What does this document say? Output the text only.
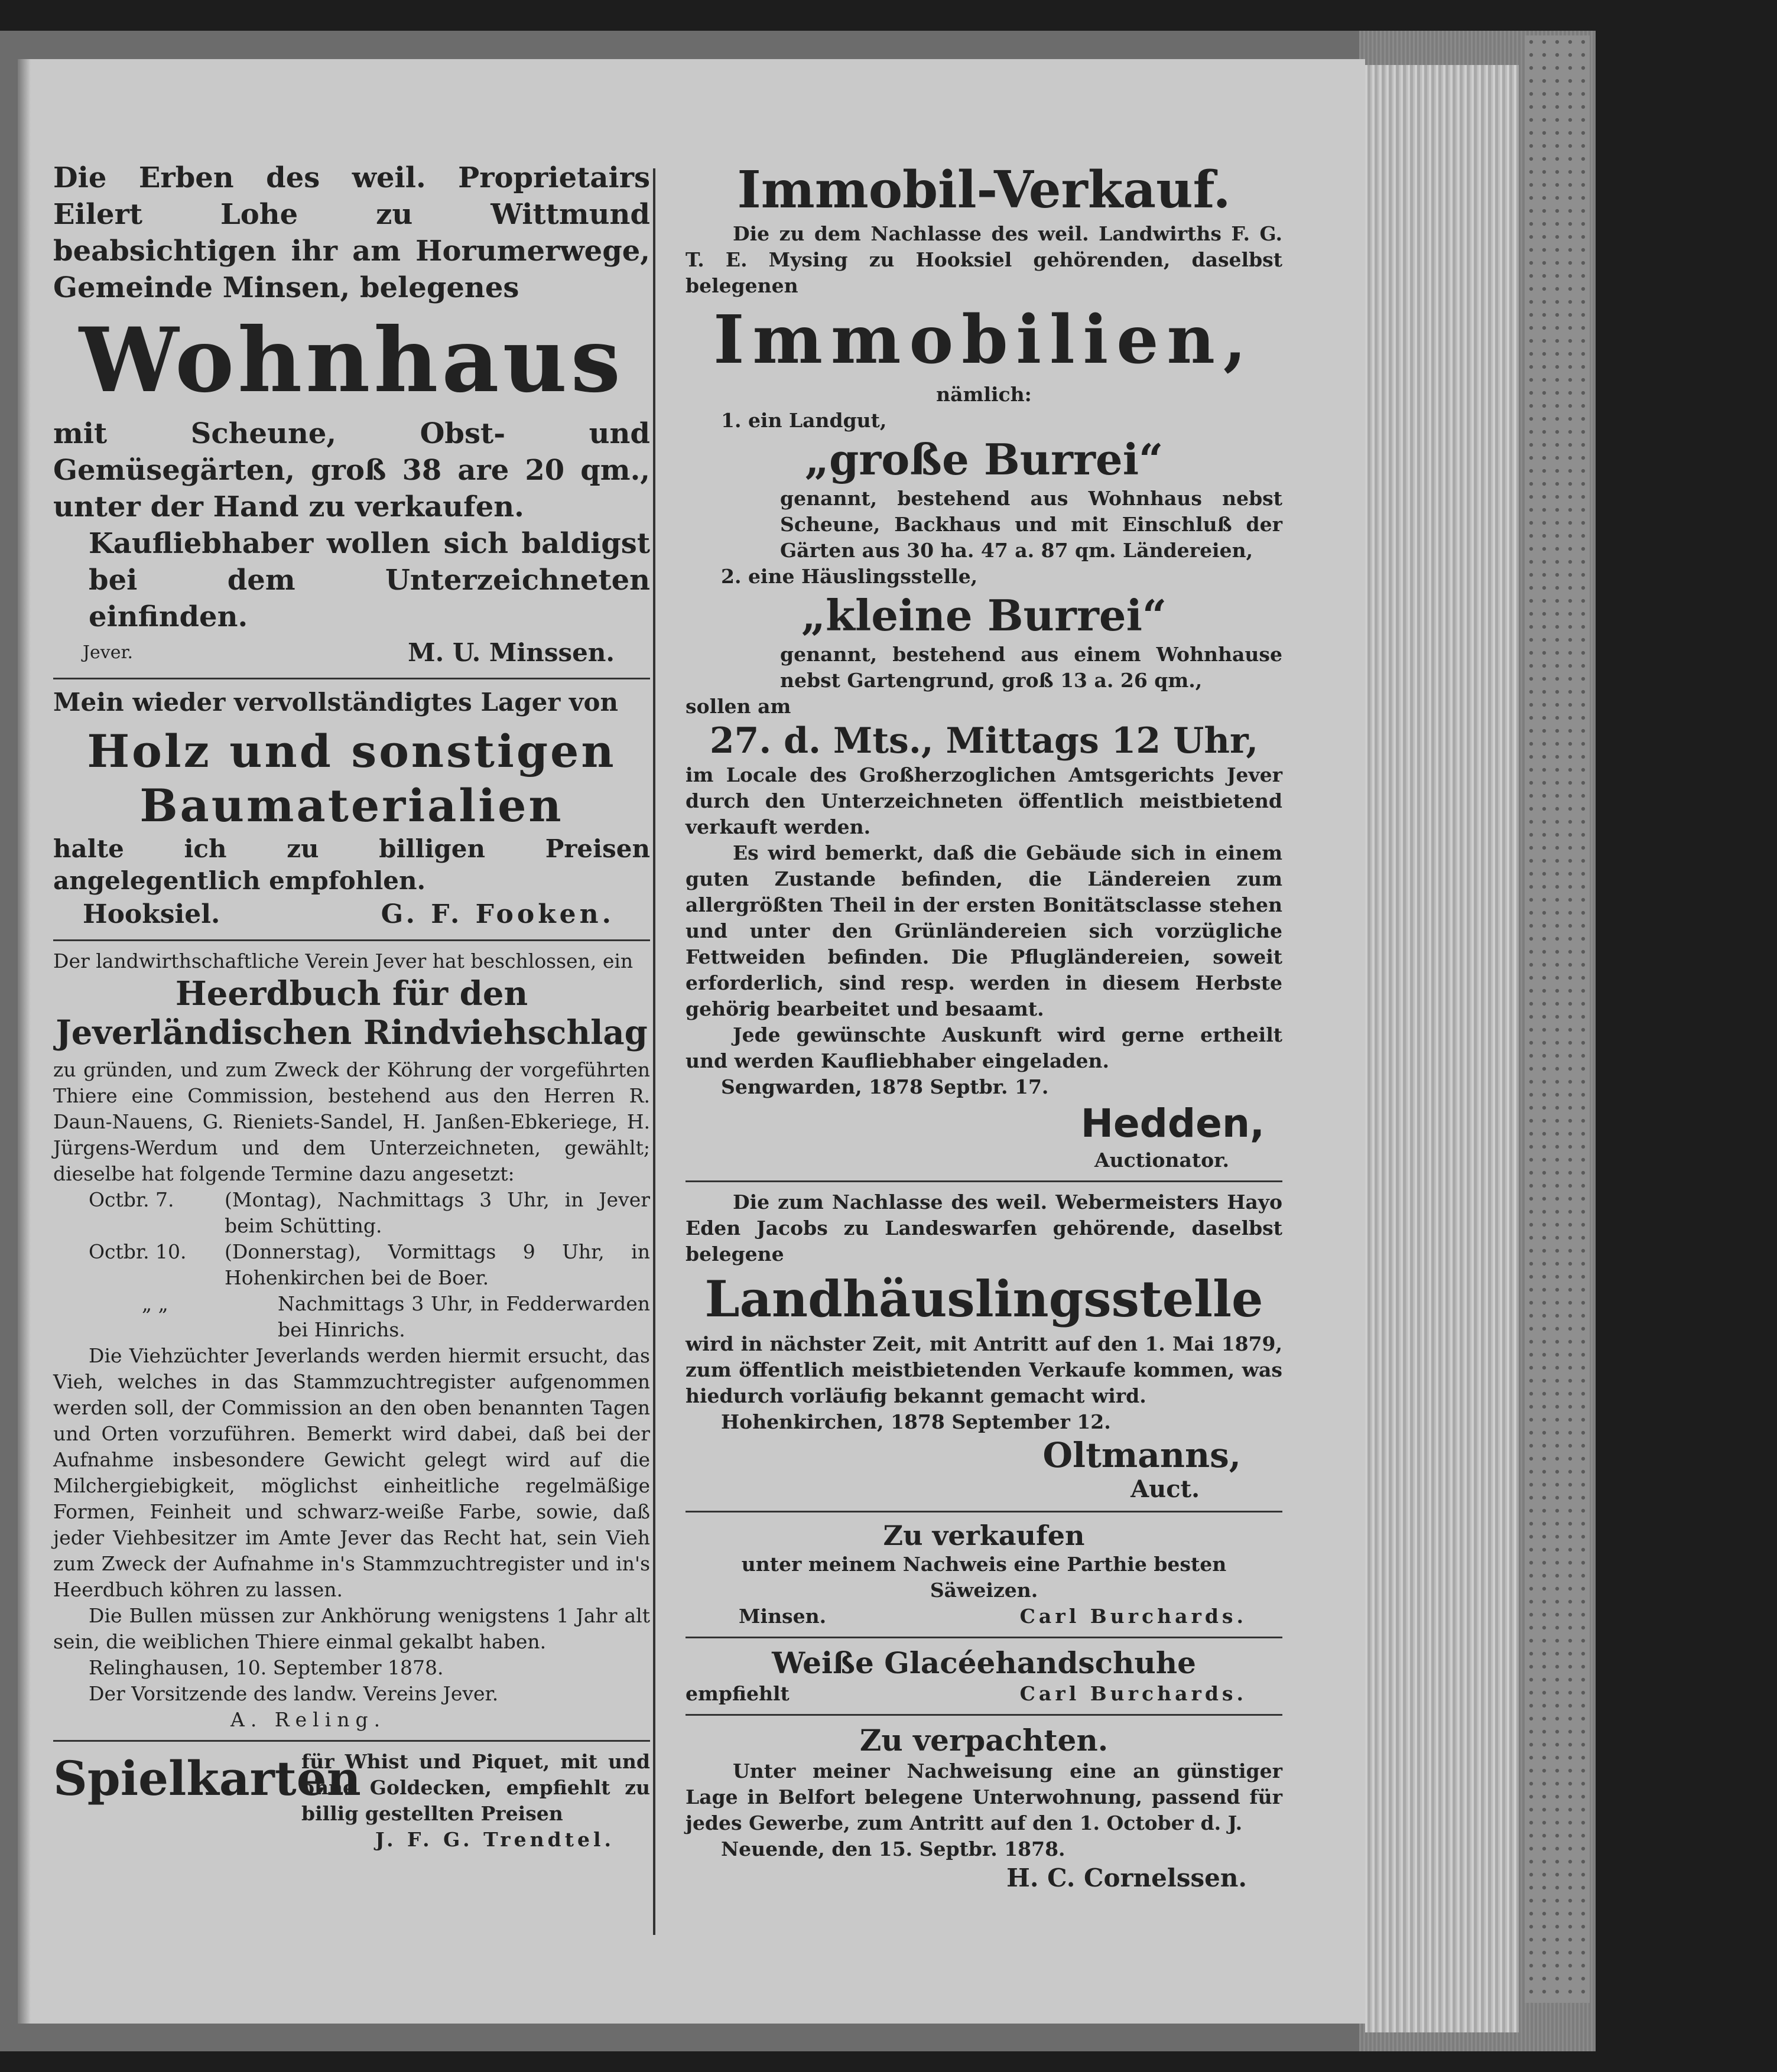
Die Erben des weil. Proprietairs Eilert Lohe zu Wittmund beabsichtigen ihr am Horumerwege, Gemeinde Minsen, belegenes

Wohnhaus

mit Scheune, Obst- und Gemüsegärten, groß 38 are 20 qm., unter der Hand zu verkaufen.

Kaufliebhaber wollen sich baldigst bei dem Unterzeichneten einfinden.

Jever.	M. U. Minssen.

Mein wieder vervollständigtes Lager von

Holz und sonstigen Baumaterialien

halte ich zu billigen Preisen angelegentlich empfohlen.

Hooksiel.	G. F. Fooken.

Der landwirthschaftliche Verein Jever hat beschlossen, ein

Heerdbuch für den Jeverländischen Rindviehschlag

zu gründen, und zum Zweck der Köhrung der vorgeführten Thiere eine Commission, bestehend aus den Herren R. Daun-Nauens, G. Rieniets-Sandel, H. Janßen-Ebkeriege, H. Jürgens-Werdum und dem Unterzeichneten, gewählt; dieselbe hat folgende Termine dazu angesetzt:

Octbr. 7.	(Montag), Nachmittags 3 Uhr, in Jever beim Schütting.
Octbr. 10.	(Donnerstag), Vormittags 9 Uhr, in Hohenkirchen bei de Boer.
„ „	Nachmittags 3 Uhr, in Fedderwarden bei Hinrichs.

Die Viehzüchter Jeverlands werden hiermit ersucht, das Vieh, welches in das Stammzuchtregister aufgenommen werden soll, der Commission an den oben benannten Tagen und Orten vorzuführen. Bemerkt wird dabei, daß bei der Aufnahme insbesondere Gewicht gelegt wird auf die Milchergiebigkeit, möglichst einheitliche regelmäßige Formen, Feinheit und schwarz-weiße Farbe, sowie, daß jeder Viehbesitzer im Amte Jever das Recht hat, sein Vieh zum Zweck der Aufnahme in's Stammzuchtregister und in's Heerdbuch köhren zu lassen.

Die Bullen müssen zur Ankhörung wenigstens 1 Jahr alt sein, die weiblichen Thiere einmal gekalbt haben.

Relinghausen, 10. September 1878.

Der Vorsitzende des landw. Vereins Jever.

A. Reling.

Spielkarten

für Whist und Piquet, mit und ohne Goldecken, empfiehlt zu billig gestellten Preisen

J. F. G. Trendtel.

Immobil-Verkauf.

Die zu dem Nachlasse des weil. Landwirths F. G. T. E. Mysing zu Hooksiel gehörenden, daselbst belegenen

Immobilien,

nämlich:

1. ein Landgut,

„große Burrei“

genannt, bestehend aus Wohnhaus nebst Scheune, Backhaus und mit Einschluß der Gärten aus 30 ha. 47 a. 87 qm. Ländereien,

2. eine Häuslingsstelle,

„kleine Burrei“

genannt, bestehend aus einem Wohnhause nebst Gartengrund, groß 13 a. 26 qm.,

sollen am

27. d. Mts., Mittags 12 Uhr,

im Locale des Großherzoglichen Amtsgerichts Jever durch den Unterzeichneten öffentlich meistbietend verkauft werden.

Es wird bemerkt, daß die Gebäude sich in einem guten Zustande befinden, die Ländereien zum allergrößten Theil in der ersten Bonitätsclasse stehen und unter den Grünländereien sich vorzügliche Fettweiden befinden. Die Pflugländereien, soweit erforderlich, sind resp. werden in diesem Herbste gehörig bearbeitet und besaamt.

Jede gewünschte Auskunft wird gerne ertheilt und werden Kaufliebhaber eingeladen.

Sengwarden, 1878 Septbr. 17.

Hedden,

Auctionator.

Die zum Nachlasse des weil. Webermeisters Hayo Eden Jacobs zu Landeswarfen gehörende, daselbst belegene

Landhäuslingsstelle

wird in nächster Zeit, mit Antritt auf den 1. Mai 1879, zum öffentlich meistbietenden Verkaufe kommen, was hiedurch vorläufig bekannt gemacht wird.

Hohenkirchen, 1878 September 12.

Oltmanns,

Auct.

Zu verkaufen

unter meinem Nachweis eine Parthie besten Säweizen.

Minsen.	Carl Burchards.

Weiße Glacéehandschuhe

empfiehlt	Carl Burchards.

Zu verpachten.

Unter meiner Nachweisung eine an günstiger Lage in Belfort belegene Unterwohnung, passend für jedes Gewerbe, zum Antritt auf den 1. October d. J.

Neuende, den 15. Septbr. 1878.

H. C. Cornelssen.
